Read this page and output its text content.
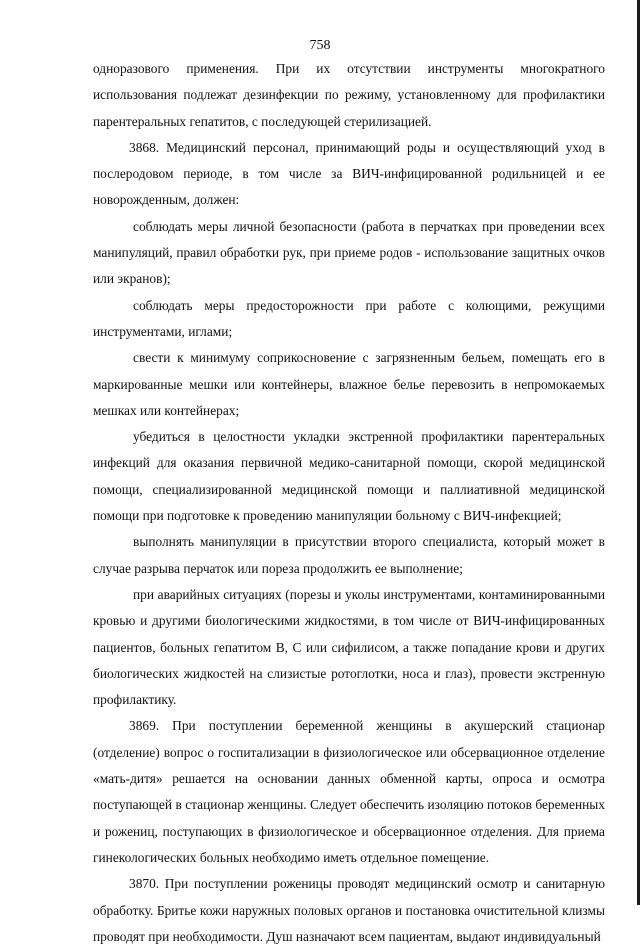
758

одноразового применения. При их отсутствии инструменты многократного использования подлежат дезинфекции по режиму, установленному для профилактики парентеральных гепатитов, с последующей стерилизацией.

3868. Медицинский персонал, принимающий роды и осуществляющий уход в послеродовом периоде, в том числе за ВИЧ-инфицированной родильницей и ее новорожденным, должен:

соблюдать меры личной безопасности (работа в перчатках при проведении всех манипуляций, правил обработки рук, при приеме родов - использование защитных очков или экранов);

соблюдать меры предосторожности при работе с колющими, режущими инструментами, иглами;

свести к минимуму соприкосновение с загрязненным бельем, помещать его в маркированные мешки или контейнеры, влажное белье перевозить в непромокаемых мешках или контейнерах;

убедиться в целостности укладки экстренной профилактики парентеральных инфекций для оказания первичной медико-санитарной помощи, скорой медицинской помощи, специализированной медицинской помощи и паллиативной медицинской помощи при подготовке к проведению манипуляции больному с ВИЧ-инфекцией;

выполнять манипуляции в присутствии второго специалиста, который может в случае разрыва перчаток или пореза продолжить ее выполнение;

при аварийных ситуациях (порезы и уколы инструментами, контаминированными кровью и другими биологическими жидкостями, в том числе от ВИЧ-инфицированных пациентов, больных гепатитом В, С или сифилисом, а также попадание крови и других биологических жидкостей на слизистые ротоглотки, носа и глаз), провести экстренную профилактику.

3869. При поступлении беременной женщины в акушерский стационар (отделение) вопрос о госпитализации в физиологическое или обсервационное отделение «мать-дитя» решается на основании данных обменной карты, опроса и осмотра поступающей в стационар женщины. Следует обеспечить изоляцию потоков беременных и рожениц, поступающих в физиологическое и обсервационное отделения. Для приема гинекологических больных необходимо иметь отдельное помещение.

3870. При поступлении роженицы проводят медицинский осмотр и санитарную обработку. Бритье кожи наружных половых органов и постановка очистительной клизмы проводят при необходимости. Душ назначают всем пациентам, выдают индивидуальный
